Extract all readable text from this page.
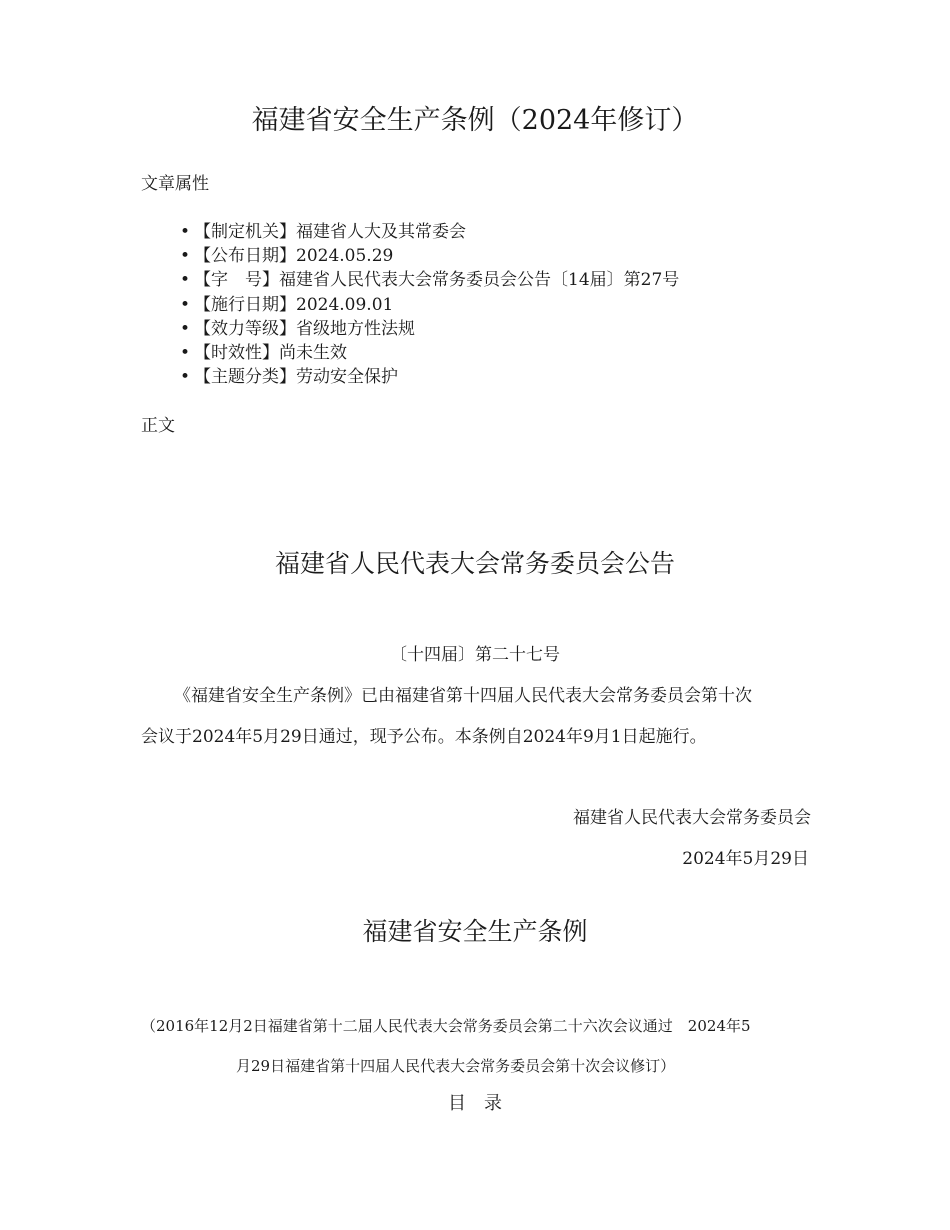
福建省安全生产条例（2024年修订）
文章属性
• 【制定机关】福建省人大及其常委会
• 【公布日期】2024.05.29
• 【字　号】福建省人民代表大会常务委员会公告〔14届〕第27号
• 【施行日期】2024.09.01
• 【效力等级】省级地方性法规
• 【时效性】尚未生效
• 【主题分类】劳动安全保护
正文
福建省人民代表大会常务委员会公告
〔十四届〕第二十七号
《福建省安全生产条例》已由福建省第十四届人民代表大会常务委员会第十次
会议于2024年5月29日通过，现予公布。本条例自2024年9月1日起施行。
福建省人民代表大会常务委员会
2024年5月29日
福建省安全生产条例
（2016年12月2日福建省第十二届人民代表大会常务委员会第二十六次会议通过　2024年5
月29日福建省第十四届人民代表大会常务委员会第十次会议修订）
目　录
